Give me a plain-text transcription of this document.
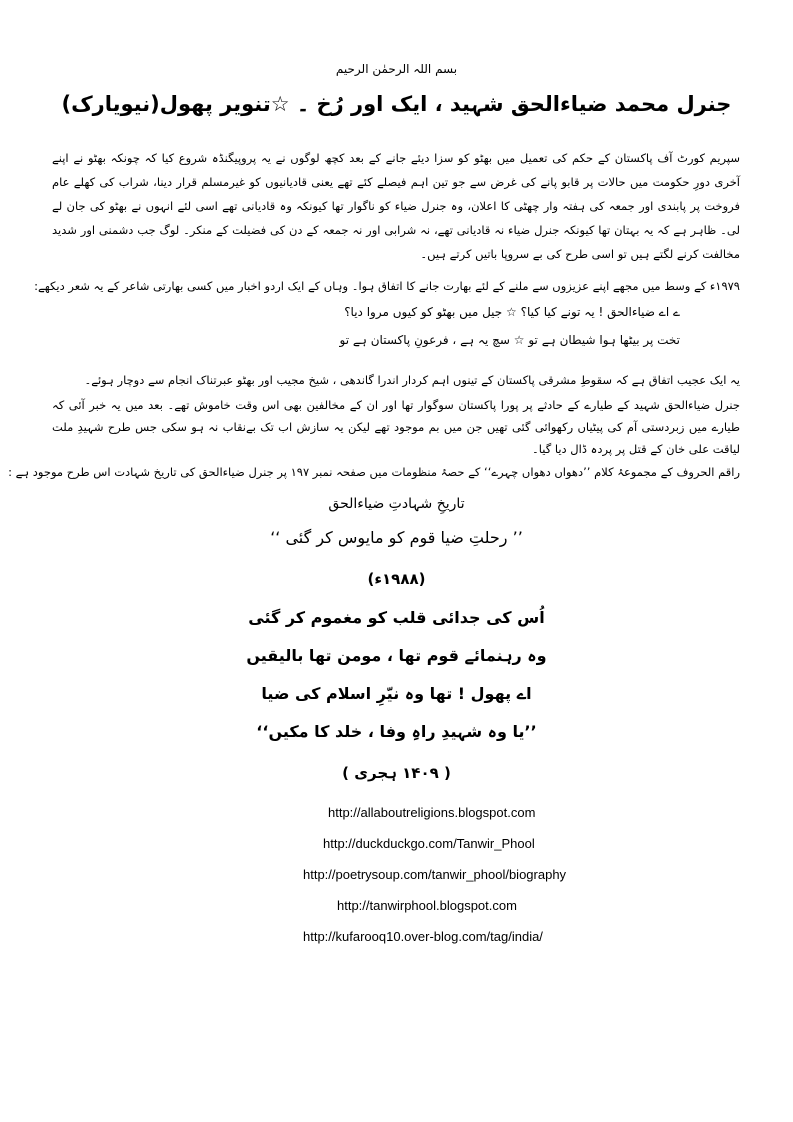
بسم اللہ الرحمٰن الرحیم
جنرل محمد ضیاءالحق شہید ، ایک اور رُخ ۔ ☆تنویر پھول(نیویارک)
سپریم کورٹ آف پاکستان کے حکم کی تعمیل میں بھٹو کو سزا دیئے جانے کے بعد کچھ لوگوں نے یہ پروپیگنڈہ شروع کیا کہ چونکہ بھٹو نے اپنے آخری دورِ حکومت میں حالات پر قابو پانے کی غرض سے جو تین اہم فیصلے کئے تھے یعنی قادیانیوں کو غیرمسلم قرار دینا، شراب کی کھلے عام فروخت پر پابندی اور جمعہ کی ہفتہ وار چھٹی کا اعلان، وہ جنرل ضیاء کو ناگوار تھا کیونکہ وہ قادیانی تھے اسی لئے انہوں نے بھٹو کی جان لے لی۔ ظاہر ہے کہ یہ بہتان تھا کیونکہ جنرل ضیاء نہ قادیانی تھے، نہ شرابی اور نہ جمعہ کے دن کی فضیلت کے منکر۔ لوگ جب دشمنی اور شدید مخالفت کرنے لگتے ہیں تو اسی طرح کی بے سروپا باتیں کرتے ہیں۔
۱۹۷۹ء کے وسط میں مجھے اپنے عزیزوں سے ملنے کے لئے بھارت جانے کا اتفاق ہوا۔ وہاں کے ایک اردو اخبار میں کسی بھارتی شاعر کے یہ شعر دیکھے:
ے اے ضیاءالحق ! یہ تونے کیا کیا؟ ☆ جیل میں بھٹو کو کیوں مروا دیا؟
تخت پر بیٹھا ہوا شیطان ہے تو ☆ سچ یہ ہے ، فرعونِ پاکستان ہے تو
یہ ایک عجیب اتفاق ہے کہ سقوطِ مشرقی پاکستان کے تینوں اہم کردار اندرا گاندھی ، شیخ مجیب اور بھٹو عبرتناک انجام سے دوچار ہوئے۔
جنرل ضیاءالحق شہید کے طیارے کے حادثے پر پورا پاکستان سوگوار تھا اور ان کے مخالفین بھی اس وقت خاموش تھے۔ بعد میں یہ خبر آئی کہ طیارے میں زبردستی آم کی پیٹیاں رکھوائی گئی تھیں جن میں بم موجود تھے لیکن یہ سازش اب تک بےنقاب نہ ہو سکی جس طرح شہیدِ ملت لیاقت علی خان کے قتل پر پردہ ڈال دیا گیا۔
راقم الحروف کے مجموعۂ کلام ’’دھواں دھواں چہرے‘‘ کے حصۂ منظومات میں صفحہ نمبر ۱۹۷ پر جنرل ضیاءالحق کی تاریخ شہادت اس طرح موجود ہے :
تاریخِ شہادتِ ضیاءالحق
’’ رحلتِ ضیا قوم کو مایوس کر گئی ‘‘
(۱۹۸۸ء)
اُس کی جدائی قلب کو مغموم کر گئی
وہ رہنمائے قوم تھا ، مومن تھا بالیقیں
اے پھول ! تھا وہ نیّرِ اسلام کی ضیا
’’یا وہ شہیدِ راہِ وفا ، خلد کا مکیں‘‘
( ۱۴۰۹ ہجری )
http://allaboutreligions.blogspot.com
http://duckduckgo.com/Tanwir_Phool
http://poetrysoup.com/tanwir_phool/biography
http://tanwirphool.blogspot.com
http://kufarooq10.over-blog.com/tag/india/
